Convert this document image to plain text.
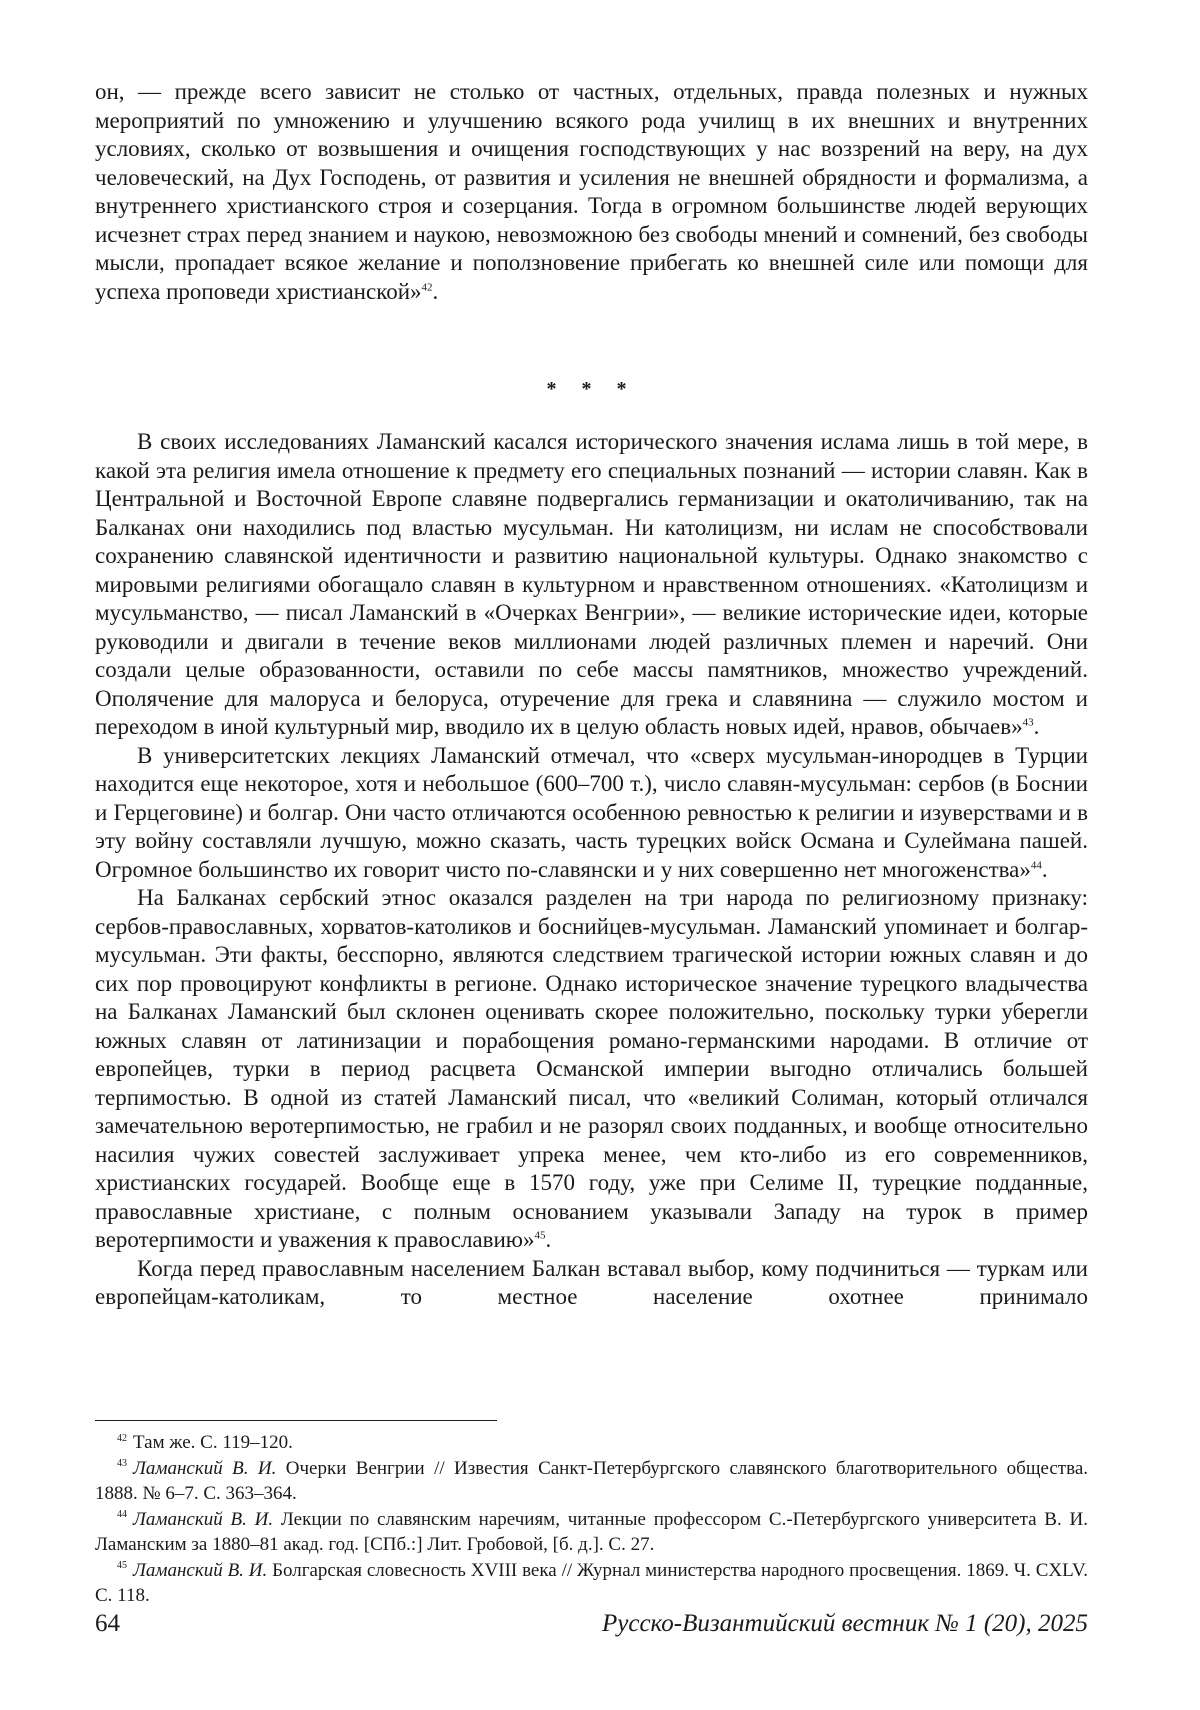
он, — прежде всего зависит не столько от частных, отдельных, правда полезных и нужных мероприятий по умножению и улучшению всякого рода училищ в их внешних и внутренних условиях, сколько от возвышения и очищения господствующих у нас воззрений на веру, на дух человеческий, на Дух Господень, от развития и усиления не внешней обрядности и формализма, а внутреннего христианского строя и созерцания. Тогда в огромном большинстве людей верующих исчезнет страх перед знанием и наукою, невозможною без свободы мнений и сомнений, без свободы мысли, пропадает всякое желание и поползновение прибегать ко внешней силе или помощи для успеха проповеди христианской»42.

* * *

В своих исследованиях Ламанский касался исторического значения ислама лишь в той мере, в какой эта религия имела отношение к предмету его специальных познаний — истории славян. Как в Центральной и Восточной Европе славяне подвергались германизации и окатоличиванию, так на Балканах они находились под властью мусульман. Ни католицизм, ни ислам не способствовали сохранению славянской идентичности и развитию национальной культуры. Однако знакомство с мировыми религиями обогащало славян в культурном и нравственном отношениях. «Католицизм и мусульманство, — писал Ламанский в «Очерках Венгрии», — великие исторические идеи, которые руководили и двигали в течение веков миллионами людей различных племен и наречий. Они создали целые образованности, оставили по себе массы памятников, множество учреждений. Ополячение для малоруса и белоруса, отуречение для грека и славянина — служило мостом и переходом в иной культурный мир, вводило их в целую область новых идей, нравов, обычаев»43.

В университетских лекциях Ламанский отмечал, что «сверх мусульман-инородцев в Турции находится еще некоторое, хотя и небольшое (600–700 т.), число славян-мусульман: сербов (в Боснии и Герцеговине) и болгар. Они часто отличаются особенною ревностью к религии и изуверствами и в эту войну составляли лучшую, можно сказать, часть турецких войск Османа и Сулеймана пашей. Огромное большинство их говорит чисто по-славянски и у них совершенно нет многоженства»44.

На Балканах сербский этнос оказался разделен на три народа по религиозному признаку: сербов-православных, хорватов-католиков и боснийцев-мусульман. Ламанский упоминает и болгар-мусульман. Эти факты, бесспорно, являются следствием трагической истории южных славян и до сих пор провоцируют конфликты в регионе. Однако историческое значение турецкого владычества на Балканах Ламанский был склонен оценивать скорее положительно, поскольку турки уберегли южных славян от латинизации и порабощения романо-германскими народами. В отличие от европейцев, турки в период расцвета Османской империи выгодно отличались большей терпимостью. В одной из статей Ламанский писал, что «великий Солиман, который отличался замечательною веротерпимостью, не грабил и не разорял своих подданных, и вообще относительно насилия чужих совестей заслуживает упрека менее, чем кто-либо из его современников, христианских государей. Вообще еще в 1570 году, уже при Селиме II, турецкие подданные, православные христиане, с полным основанием указывали Западу на турок в пример веротерпимости и уважения к православию»45.

Когда перед православным населением Балкан вставал выбор, кому подчиниться — туркам или европейцам-католикам, то местное население охотнее принимало

42 Там же. С. 119–120.

43 Ламанский В. И. Очерки Венгрии // Известия Санкт-Петербургского славянского благотворительного общества. 1888. № 6–7. С. 363–364.

44 Ламанский В. И. Лекции по славянским наречиям, читанные профессором С.-Петербургского университета В. И. Ламанским за 1880–81 акад. год. [СПб.:] Лит. Гробовой, [б. д.]. С. 27.

45 Ламанский В. И. Болгарская словесность XVIII века // Журнал министерства народного просвещения. 1869. Ч. CXLV. С. 118.

64	Русско-Византийский вестник № 1 (20), 2025
